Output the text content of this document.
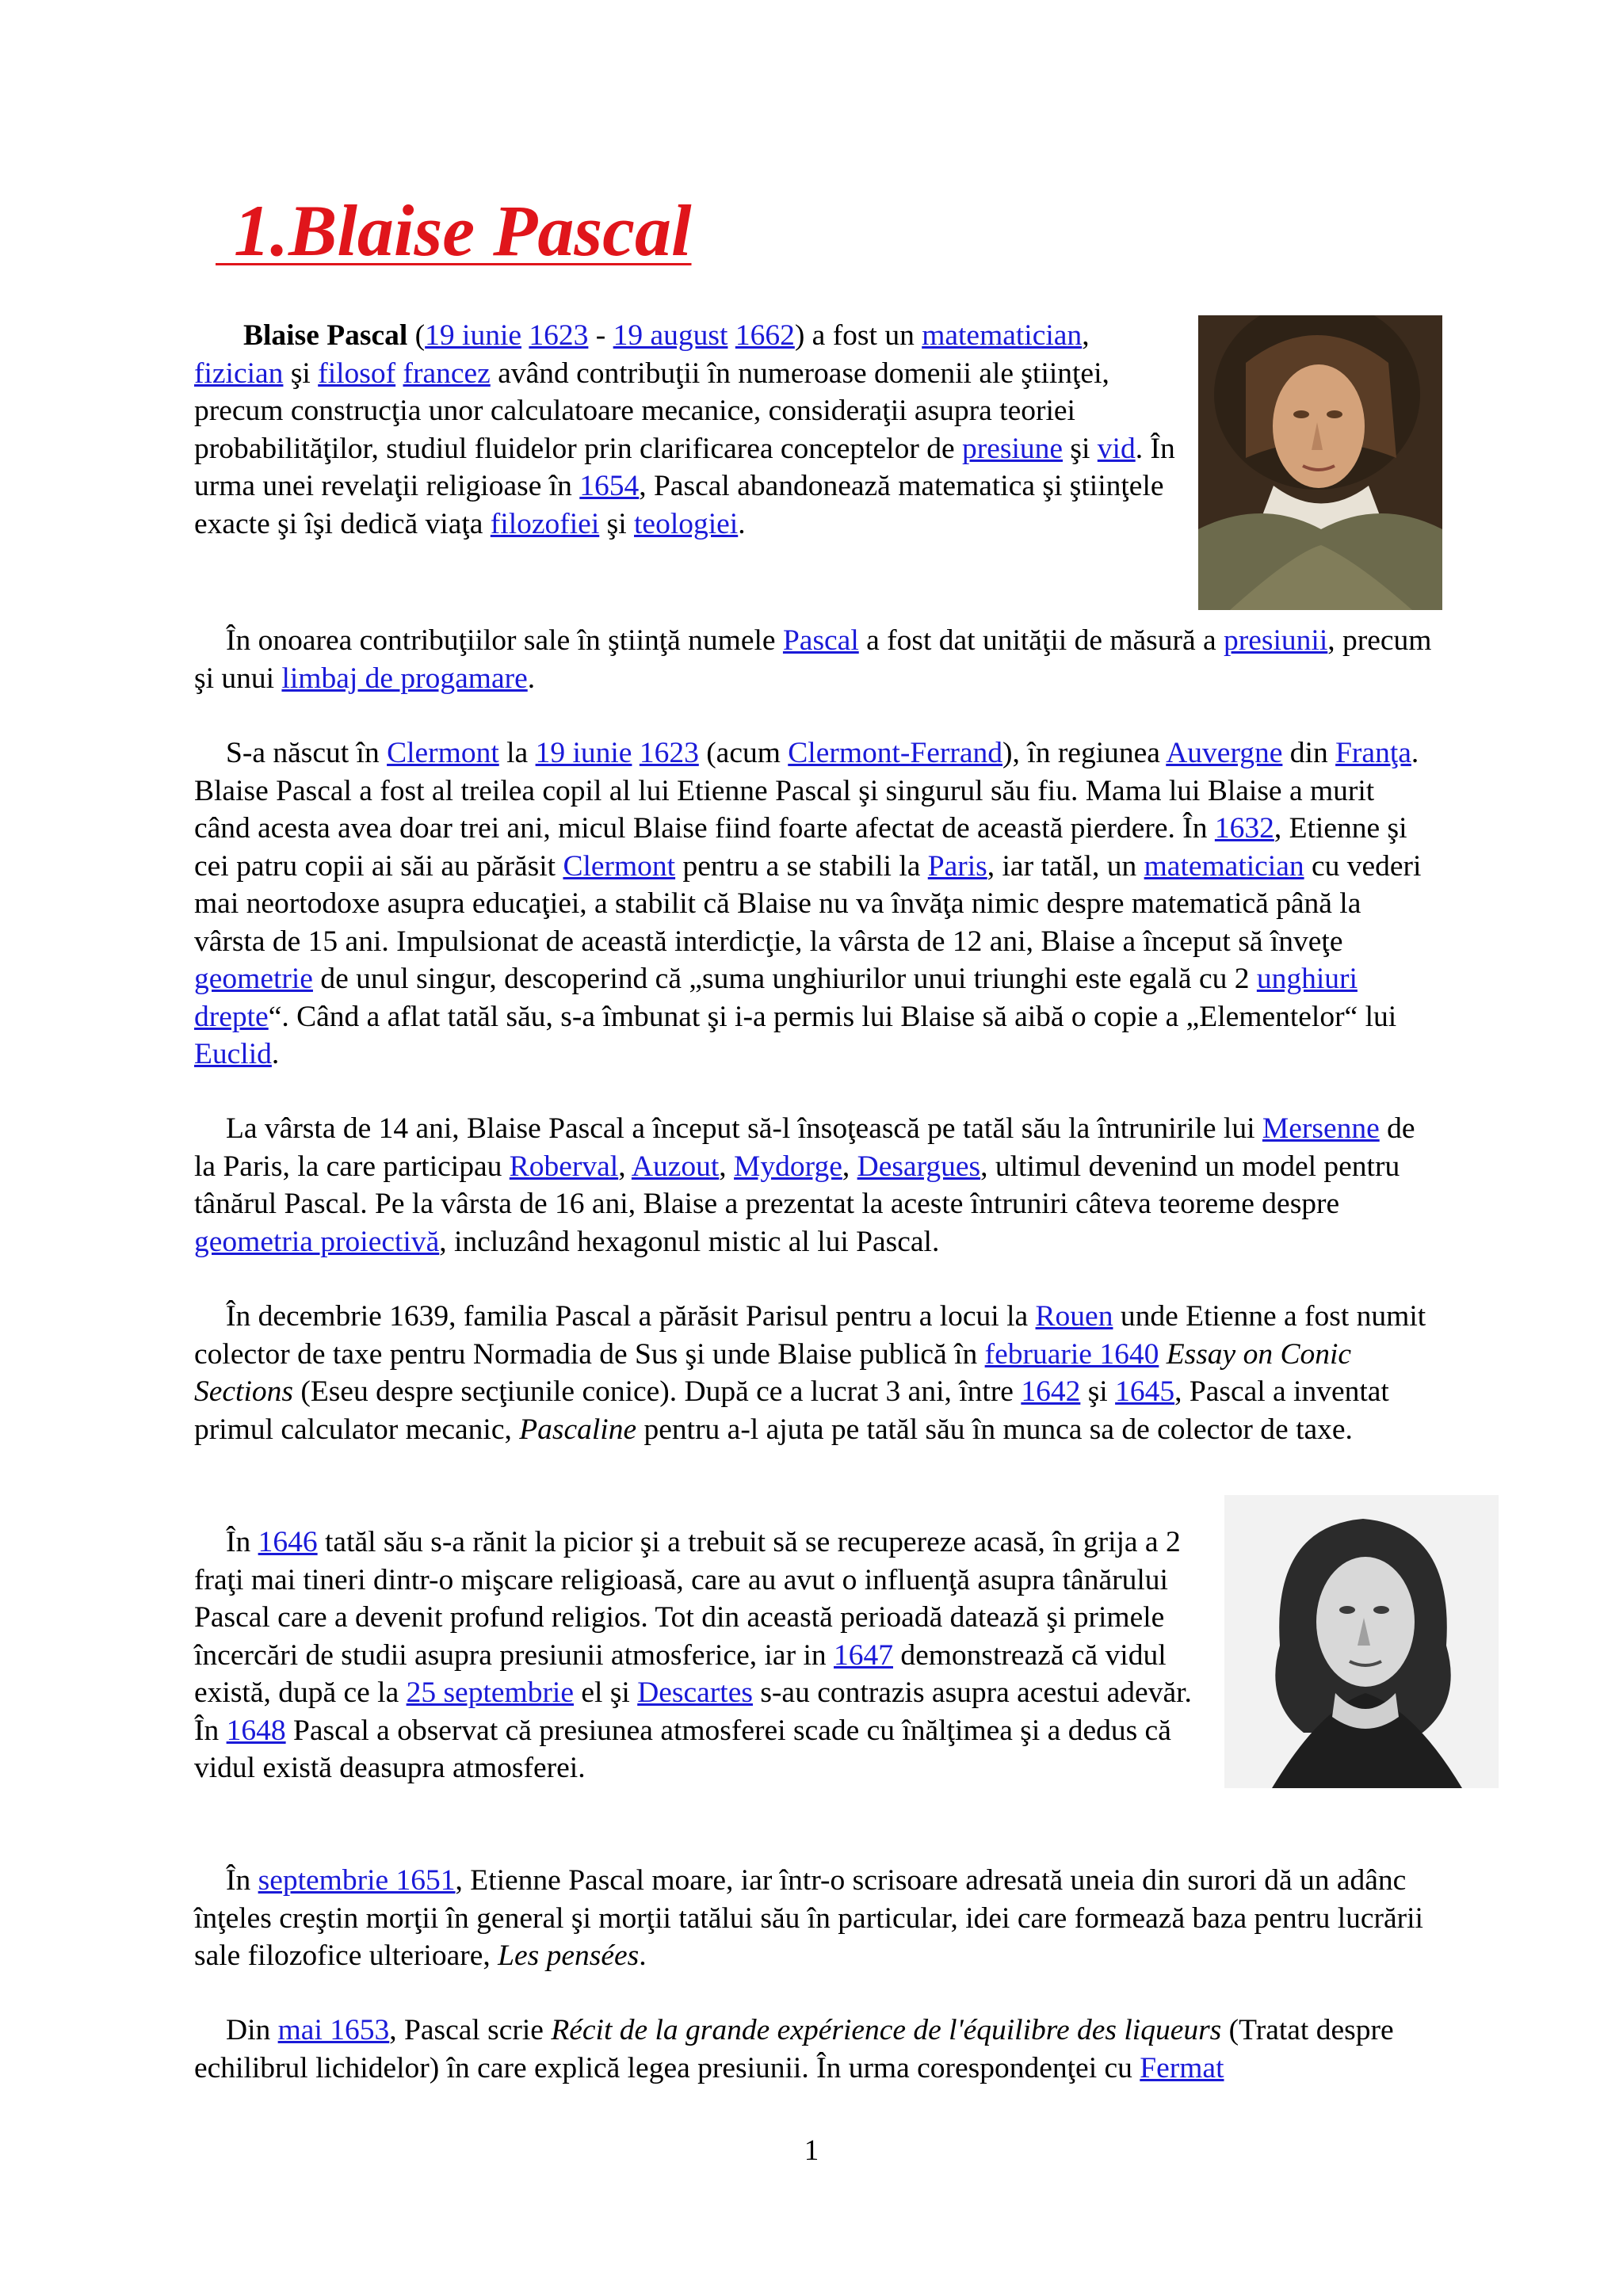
1.Blaise Pascal

Blaise Pascal (19 iunie 1623 - 19 august 1662) a fost un matematician,
fizician şi filosof francez având contribuţii în numeroase domenii ale ştiinţei, precum construcţia unor calculatoare mecanice, consideraţii asupra teoriei probabilităţilor, studiul fluidelor prin clarificarea conceptelor de presiune şi vid. În urma unei revelaţii religioase în 1654, Pascal abandonează matematica şi ştiinţele exacte şi îşi dedică viaţa filozofiei şi teologiei.

În onoarea contribuţiilor sale în ştiinţă numele Pascal a fost dat unităţii de măsură a presiunii, precum şi unui limbaj de progamare.

S-a născut în Clermont la 19 iunie 1623 (acum Clermont-Ferrand), în regiunea Auvergne din Franţa. Blaise Pascal a fost al treilea copil al lui Etienne Pascal şi singurul său fiu. Mama lui Blaise a murit când acesta avea doar trei ani, micul Blaise fiind foarte afectat de această pierdere. În 1632, Etienne şi cei patru copii ai săi au părăsit Clermont pentru a se stabili la Paris, iar tatăl, un matematician cu vederi mai neortodoxe asupra educaţiei, a stabilit că Blaise nu va învăţa nimic despre matematică până la vârsta de 15 ani. Impulsionat de această interdicţie, la vârsta de 12 ani, Blaise a început să înveţe geometrie de unul singur, descoperind că „suma unghiurilor unui triunghi este egală cu 2 unghiuri drepte“. Când a aflat tatăl său, s-a îmbunat şi i-a permis lui Blaise să aibă o copie a „Elementelor“ lui Euclid.

La vârsta de 14 ani, Blaise Pascal a început să-l însoţească pe tatăl său la întrunirile lui Mersenne de la Paris, la care participau Roberval, Auzout, Mydorge, Desargues, ultimul devenind un model pentru tânărul Pascal. Pe la vârsta de 16 ani, Blaise a prezentat la aceste întruniri câteva teoreme despre geometria proiectivă, incluzând hexagonul mistic al lui Pascal.

În decembrie 1639, familia Pascal a părăsit Parisul pentru a locui la Rouen unde Etienne a fost numit colector de taxe pentru Normadia de Sus şi unde Blaise publică în februarie 1640 Essay on Conic Sections (Eseu despre secţiunile conice). După ce a lucrat 3 ani, între 1642 şi 1645, Pascal a inventat primul calculator mecanic, Pascaline pentru a-l ajuta pe tatăl său în munca sa de colector de taxe.

În 1646 tatăl său s-a rănit la picior şi a trebuit să se recupereze acasă, în grija a 2 fraţi mai tineri dintr-o mişcare religioasă, care au avut o influenţă asupra tânărului Pascal care a devenit profund religios. Tot din această perioadă datează şi primele încercări de studii asupra presiunii atmosferice, iar in 1647 demonstrează că vidul există, după ce la 25 septembrie el şi Descartes s-au contrazis asupra acestui adevăr. În 1648 Pascal a observat că presiunea atmosferei scade cu înălţimea şi a dedus că vidul există deasupra atmosferei.

În septembrie 1651, Etienne Pascal moare, iar într-o scrisoare adresată uneia din surori dă un adânc înţeles creştin morţii în general şi morţii tatălui său în particular, idei care formează baza pentru lucrării sale filozofice ulterioare, Les pensées.

Din mai 1653, Pascal scrie Récit de la grande expérience de l'équilibre des liqueurs (Tratat despre echilibrul lichidelor) în care explică legea presiunii. În urma corespondenţei cu Fermat

1
